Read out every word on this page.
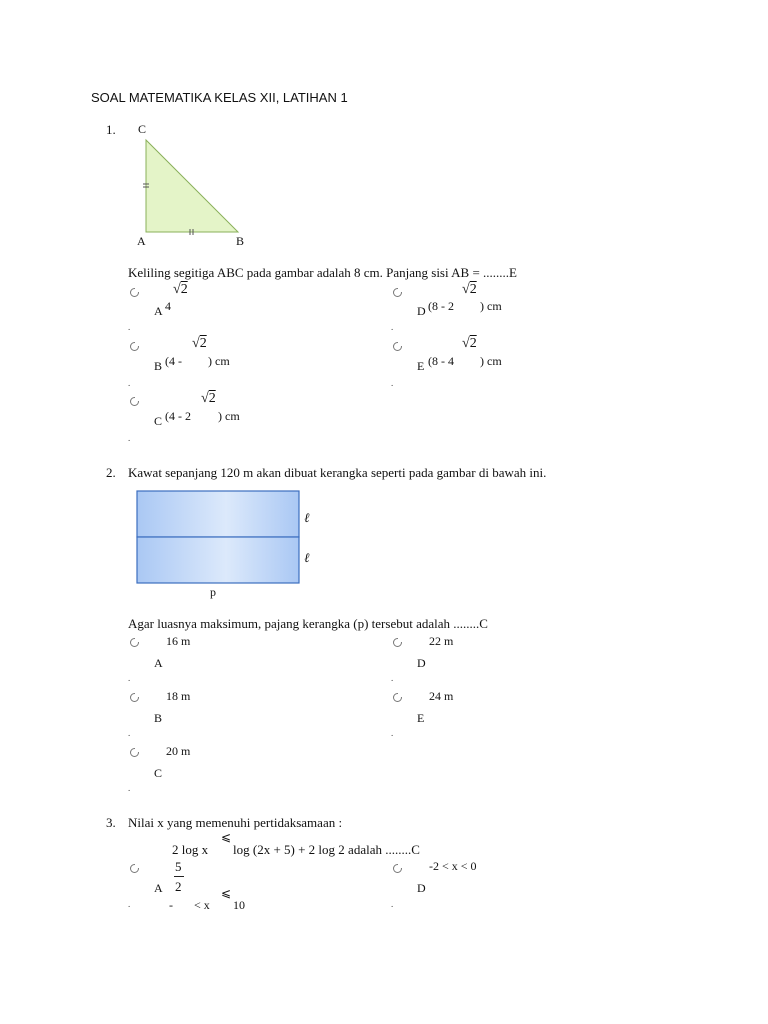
SOAL MATEMATIKA KELAS XII, LATIHAN 1
1. C
A	B
Keliling segitiga ABC pada gambar adalah 8 cm. Panjang sisi AB = ........E
A 4
√2
.
B (4 -
√2
) cm
.
C (4 - 2
√2
) cm
.
D (8 - 2
√2
) cm
.
E (8 - 4
√2
) cm
.
2. Kawat sepanjang 120 m akan dibuat kerangka seperti pada gambar di bawah ini.
ℓ
ℓ
p
Agar luasnya maksimum, pajang kerangka (p) tersebut adalah ........C
16 m
A
.
18 m
B
.
20 m
C
.
22 m
D
.
24 m
E
.
3. Nilai x yang memenuhi pertidaksamaan :
2 log x
⩽
log (2x + 5) + 2 log 2 adalah ........C
A
5
2
- < x
⩽
10
.
-2 < x < 0
D
.
